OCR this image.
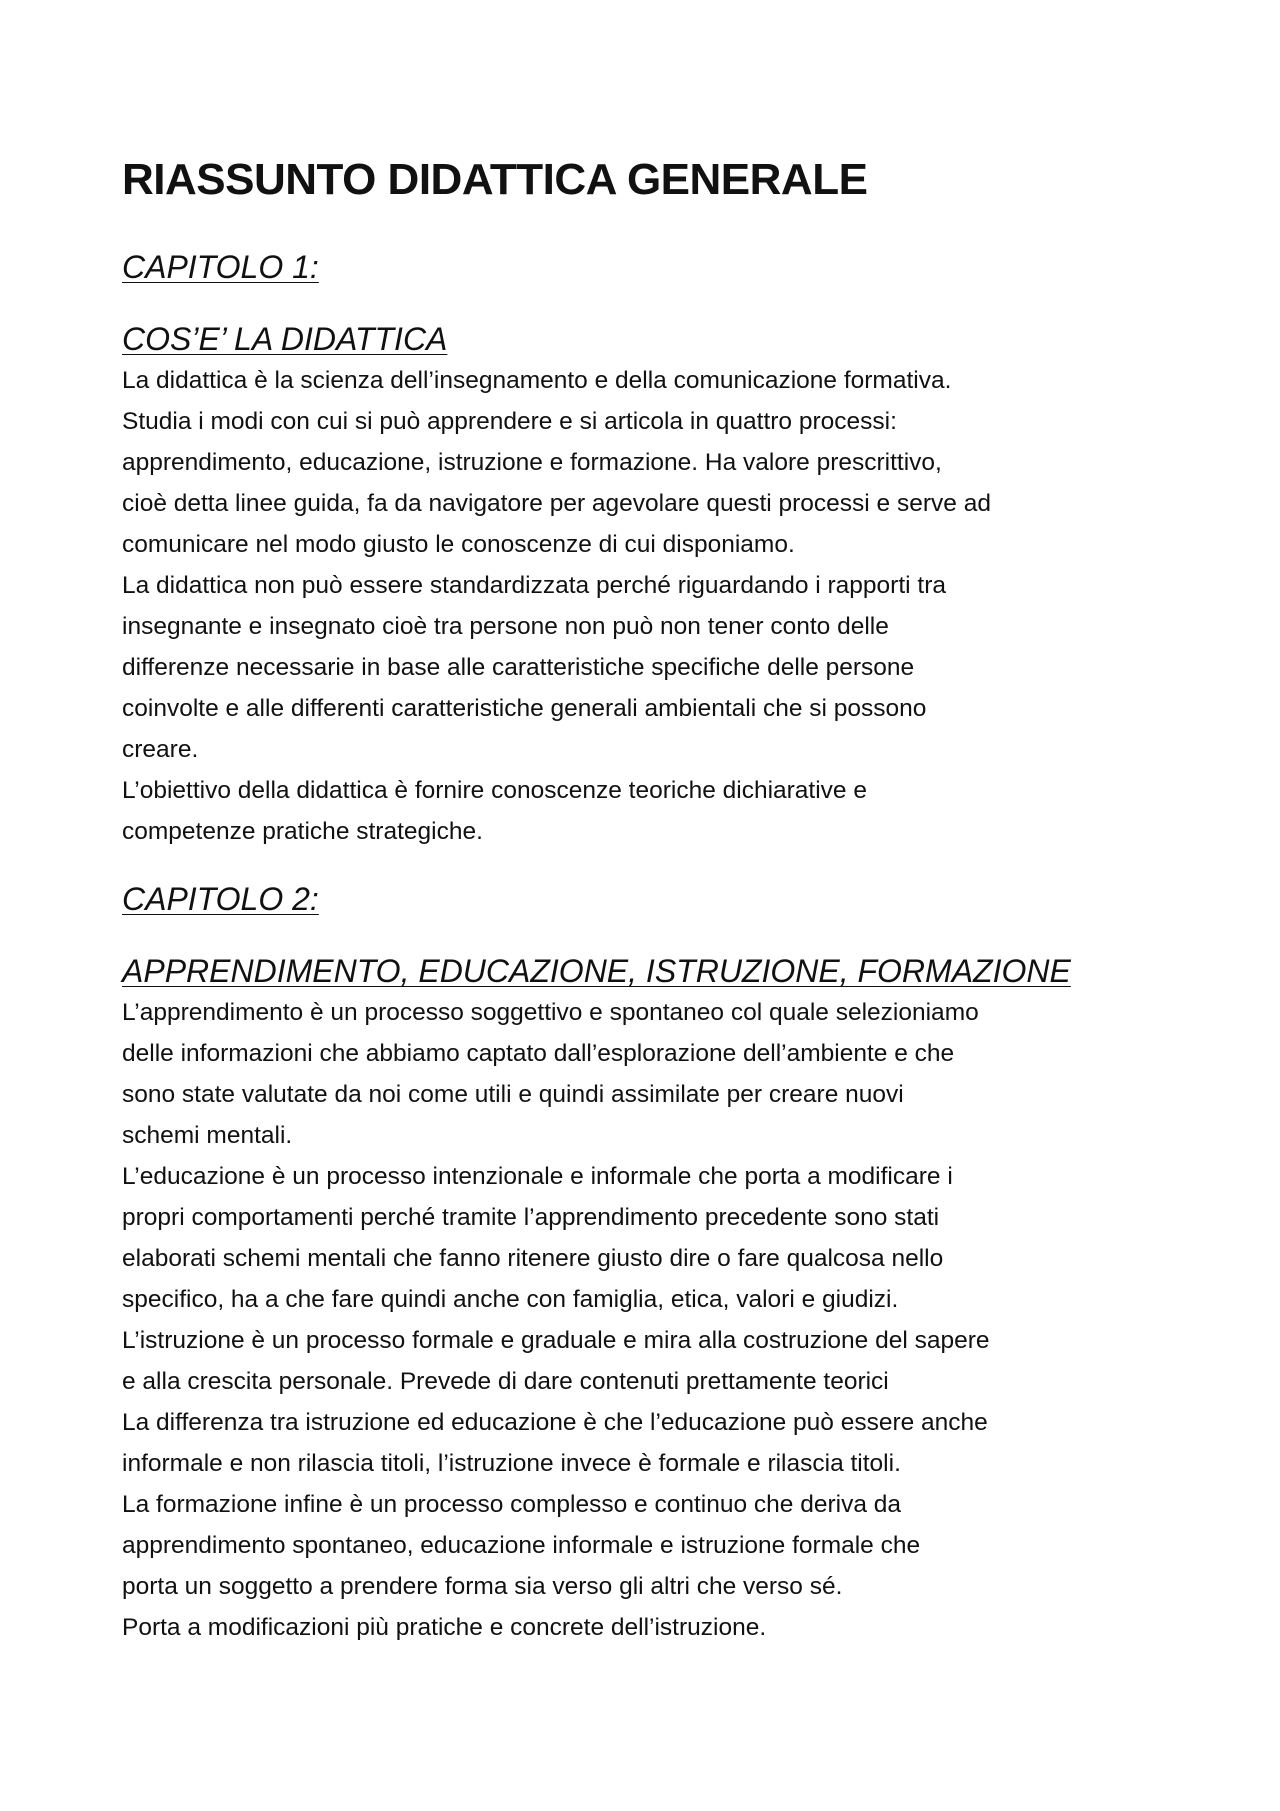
RIASSUNTO DIDATTICA GENERALE
CAPITOLO 1:
COS’E’ LA DIDATTICA

La didattica è la scienza dell’insegnamento e della comunicazione formativa.

Studia i modi con cui si può apprendere e si articola in quattro processi:

apprendimento, educazione, istruzione e formazione. Ha valore prescrittivo,

cioè detta linee guida, fa da navigatore per agevolare questi processi e serve ad

comunicare nel modo giusto le conoscenze di cui disponiamo.

La didattica non può essere standardizzata perché riguardando i rapporti tra

insegnante e insegnato cioè tra persone non può non tener conto delle

differenze necessarie in base alle caratteristiche specifiche delle persone

coinvolte e alle differenti caratteristiche generali ambientali che si possono

creare.

L’obiettivo della didattica è fornire conoscenze teoriche dichiarative e

competenze pratiche strategiche.

CAPITOLO 2:
APPRENDIMENTO, EDUCAZIONE, ISTRUZIONE, FORMAZIONE

L’apprendimento è un processo soggettivo e spontaneo col quale selezioniamo

delle informazioni che abbiamo captato dall’esplorazione dell’ambiente e che

sono state valutate da noi come utili e quindi assimilate per creare nuovi

schemi mentali.

L’educazione è un processo intenzionale e informale che porta a modificare i

propri comportamenti perché tramite l’apprendimento precedente sono stati

elaborati schemi mentali che fanno ritenere giusto dire o fare qualcosa nello

specifico, ha a che fare quindi anche con famiglia, etica, valori e giudizi.

L’istruzione è un processo formale e graduale e mira alla costruzione del sapere

e alla crescita personale. Prevede di dare contenuti prettamente teorici

La differenza tra istruzione ed educazione è che l’educazione può essere anche

informale e non rilascia titoli, l’istruzione invece è formale e rilascia titoli.

La formazione infine è un processo complesso e continuo che deriva da

apprendimento spontaneo, educazione informale e istruzione formale che

porta un soggetto a prendere forma sia verso gli altri che verso sé.

Porta a modificazioni più pratiche e concrete dell’istruzione.
